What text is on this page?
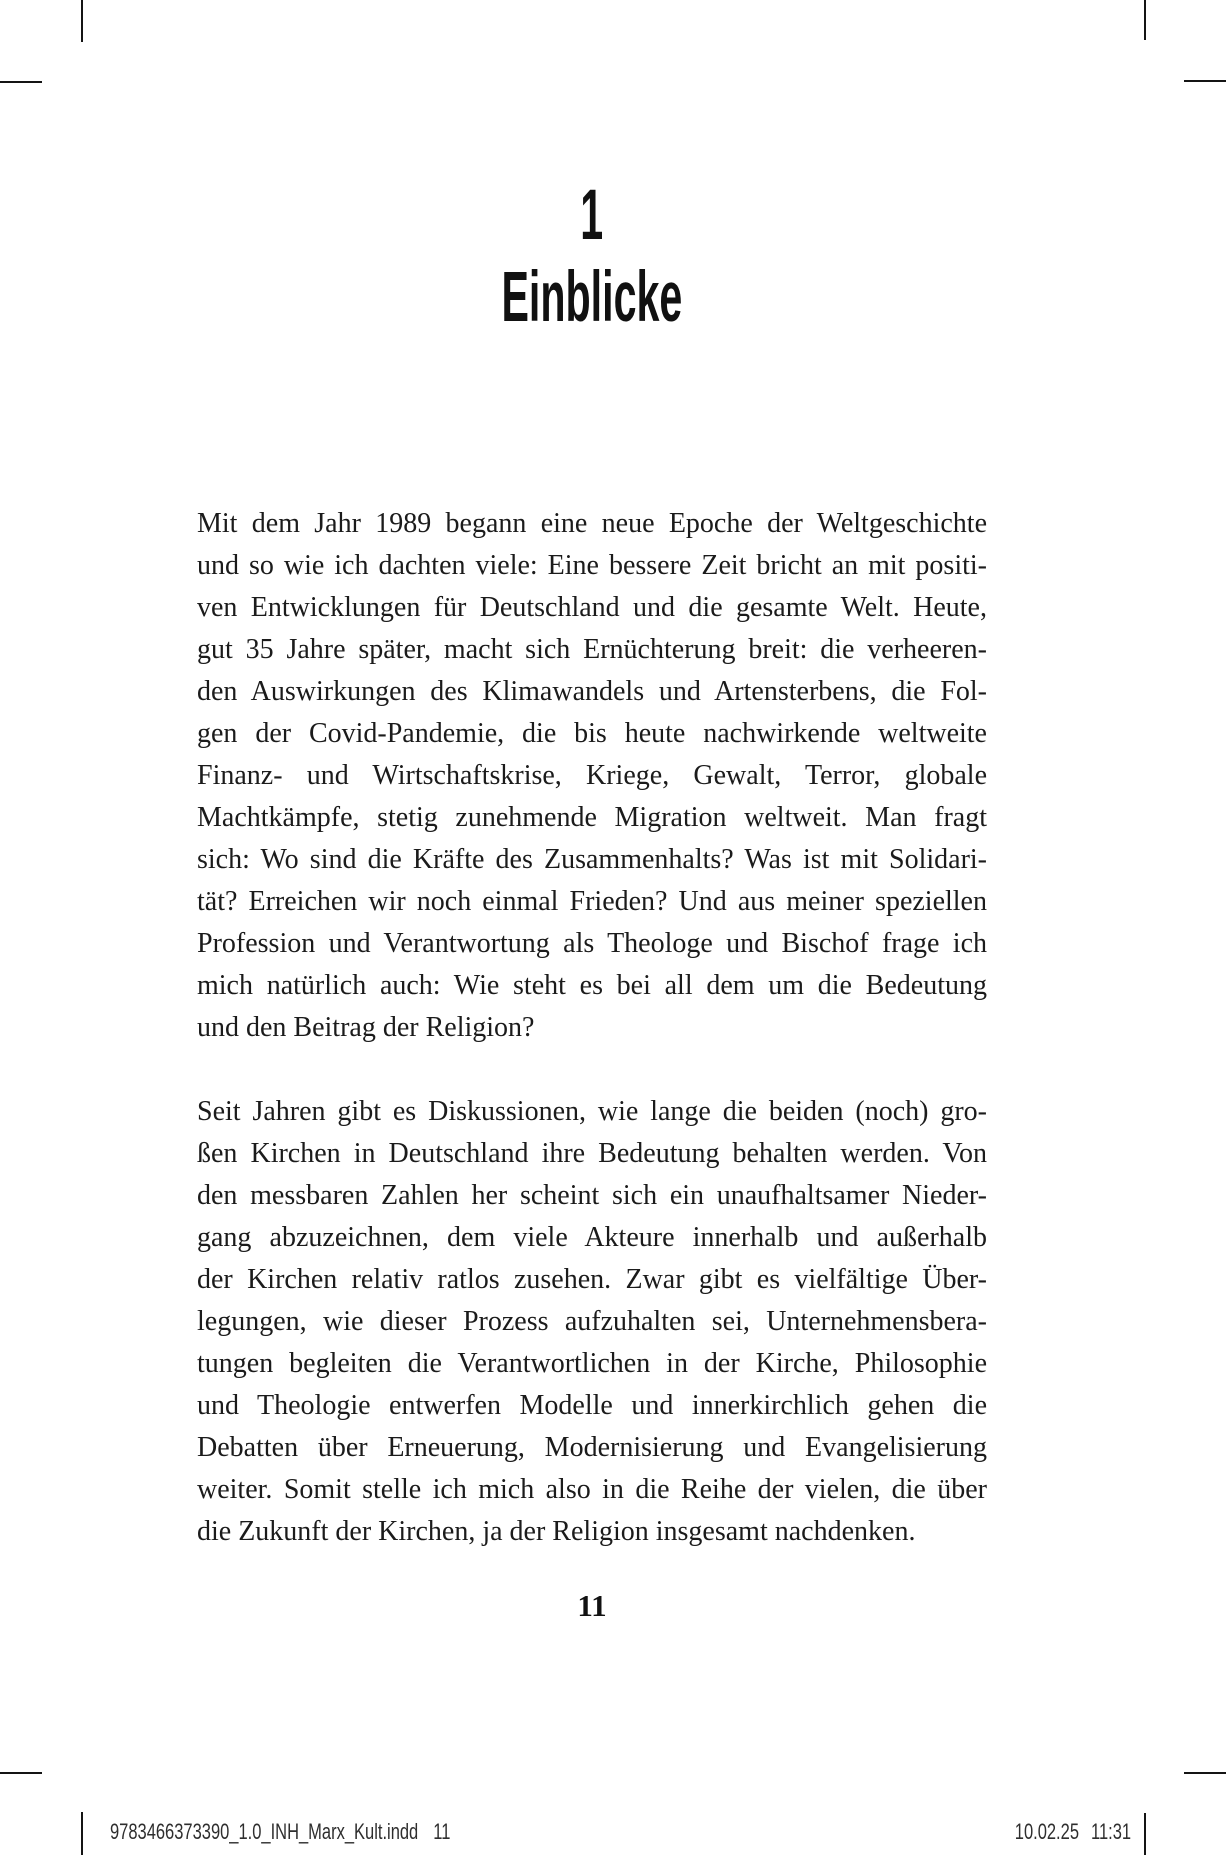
1
Einblicke
Mit dem Jahr 1989 begann eine neue Epoche der Weltgeschichte
und so wie ich dachten viele: Eine bessere Zeit bricht an mit positi-
ven Entwicklungen für Deutschland und die gesamte Welt. Heute,
gut 35 Jahre später, macht sich Ernüchterung breit: die verheeren-
den Auswirkungen des Klimawandels und Artensterbens, die Fol-
gen der Covid-Pandemie, die bis heute nachwirkende weltweite
Finanz- und Wirtschaftskrise, Kriege, Gewalt, Terror, globale
Machtkämpfe, stetig zunehmende Migration weltweit. Man fragt
sich: Wo sind die Kräfte des Zusammenhalts? Was ist mit Solidari-
tät? Erreichen wir noch einmal Frieden? Und aus meiner speziellen
Profession und Verantwortung als Theologe und Bischof frage ich
mich natürlich auch: Wie steht es bei all dem um die Bedeutung
und den Beitrag der Religion?
Seit Jahren gibt es Diskussionen, wie lange die beiden (noch) gro-
ßen Kirchen in Deutschland ihre Bedeutung behalten werden. Von
den messbaren Zahlen her scheint sich ein unaufhaltsamer Nieder-
gang abzuzeichnen, dem viele Akteure innerhalb und außerhalb
der Kirchen relativ ratlos zusehen. Zwar gibt es vielfältige Über-
legungen, wie dieser Prozess aufzuhalten sei, Unternehmensbera-
tungen begleiten die Verantwortlichen in der Kirche, Philosophie
und Theologie entwerfen Modelle und innerkirchlich gehen die
Debatten über Erneuerung, Modernisierung und Evangelisierung
weiter. Somit stelle ich mich also in die Reihe der vielen, die über
die Zukunft der Kirchen, ja der Religion insgesamt nachdenken.
11
9783466373390_1.0_INH_Marx_Kult.indd 11	10.02.25 11:31
